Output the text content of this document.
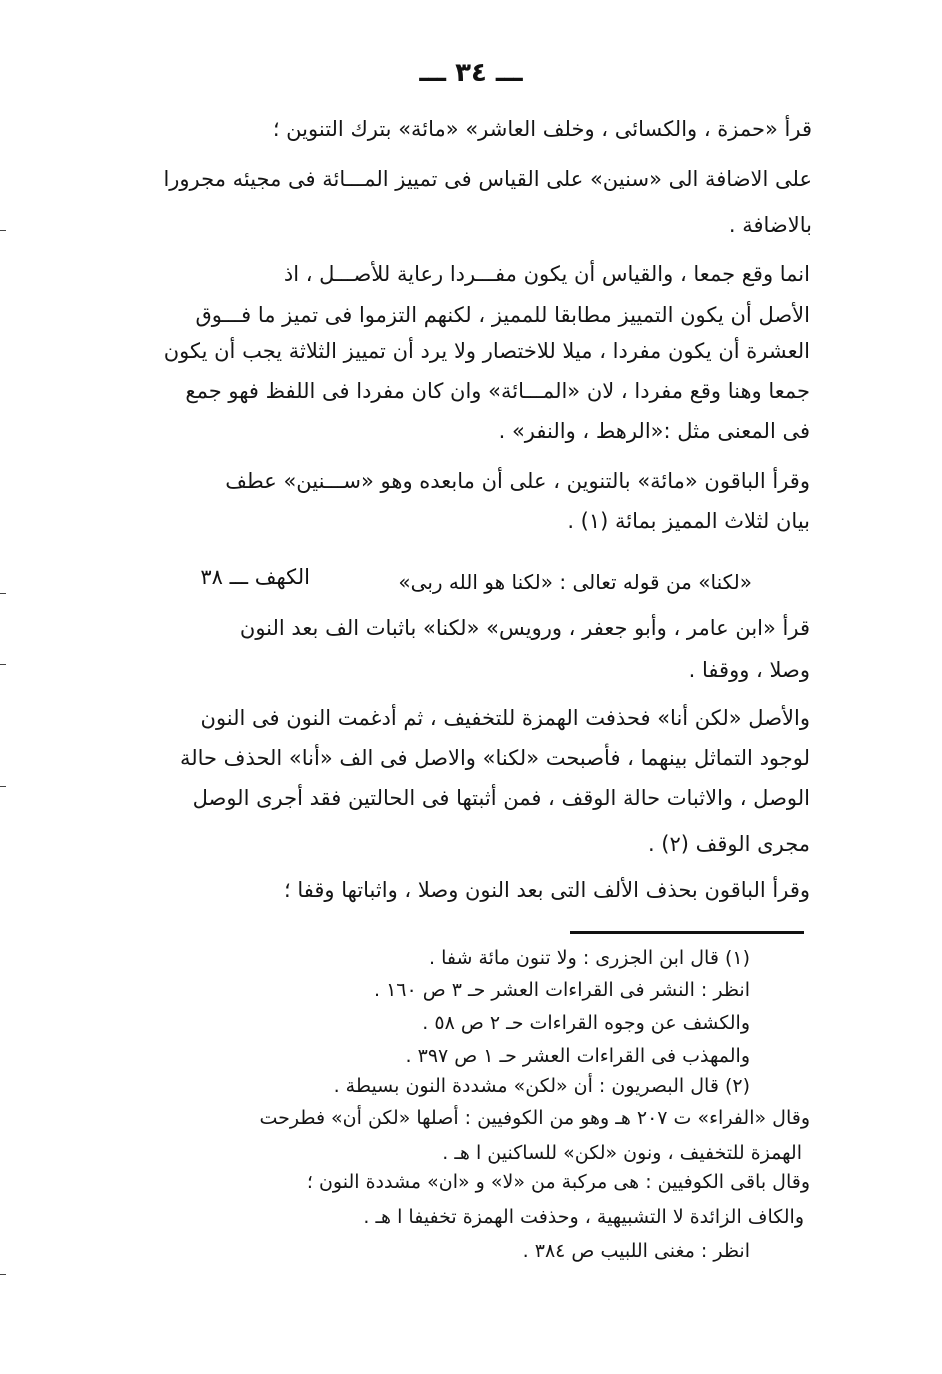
ـــ ٣٤ ـــ
قرأ «حمزة ، والكسائى ، وخلف العاشر» «مائة» بترك التنوين ؛
على الاضافة الى «سنين» على القياس فى تمييز المـــائة فى مجيئه مجرورا
بالاضافة .
انما وقع جمعا ، والقياس أن يكون مفـــردا رعاية للأصـــل ، اذ
الأصل أن يكون التمييز مطابقا للمميز ، لكنهم التزموا فى تميز ما فـــوق
العشرة أن يكون مفردا ، ميلا للاختصار ولا يرد أن تمييز الثلاثة يجب أن يكون
جمعا وهنا وقع مفردا ، لان «المـــائة» وان كان مفردا فى اللفظ فهو جمع
فى المعنى مثل :«الرهط ، والنفر» .
وقرأ الباقون «مائة» بالتنوين ، على أن مابعده وهو «ســـنين» عطف
بيان لثلاث المميز بمائة (١) .
«لكنا» من قوله تعالى : «لكنا هو الله ربى»
الكهف ـــ ٣٨
قرأ «ابن عامر ، وأبو جعفر ، ورويس» «لكنا» باثبات الف بعد النون
وصلا ، ووقفا .
والأصل «لكن أنا» فحذفت الهمزة للتخفيف ، ثم أدغمت النون فى النون
لوجود التماثل بينهما ، فأصبحت «لكنا» والاصل فى الف «أنا» الحذف حالة
الوصل ، والاثبات حالة الوقف ، فمن أثبتها فى الحالتين فقد أجرى الوصل
مجرى الوقف (٢) .
وقرأ الباقون بحذف الألف التى بعد النون وصلا ، واثباتها وقفا ؛
(١) قال ابن الجزرى : ولا تنون مائة شفا .
انظر : النشر فى القراءات العشر حـ ٣ ص ١٦٠ .
والكشف عن وجوه القراءات حـ ٢ ص ٥٨ .
والمهذب فى القراءات العشر حـ ١ ص ٣٩٧ .
(٢) قال البصريون : أن «لكن» مشددة النون بسيطة .
وقال «الفراء» ت ٢٠٧ هـ وهو من الكوفيين : أصلها «لكن أن» فطرحت
الهمزة للتخفيف ، ونون «لكن» للساكنين ا هـ .
وقال باقى الكوفيين : هى مركبة من «لا» و «ان» مشددة النون ؛
والكاف الزائدة لا التشبيهية ، وحذفت الهمزة تخفيفا ا هـ .
انظر : مغنى اللبيب ص ٣٨٤ .
